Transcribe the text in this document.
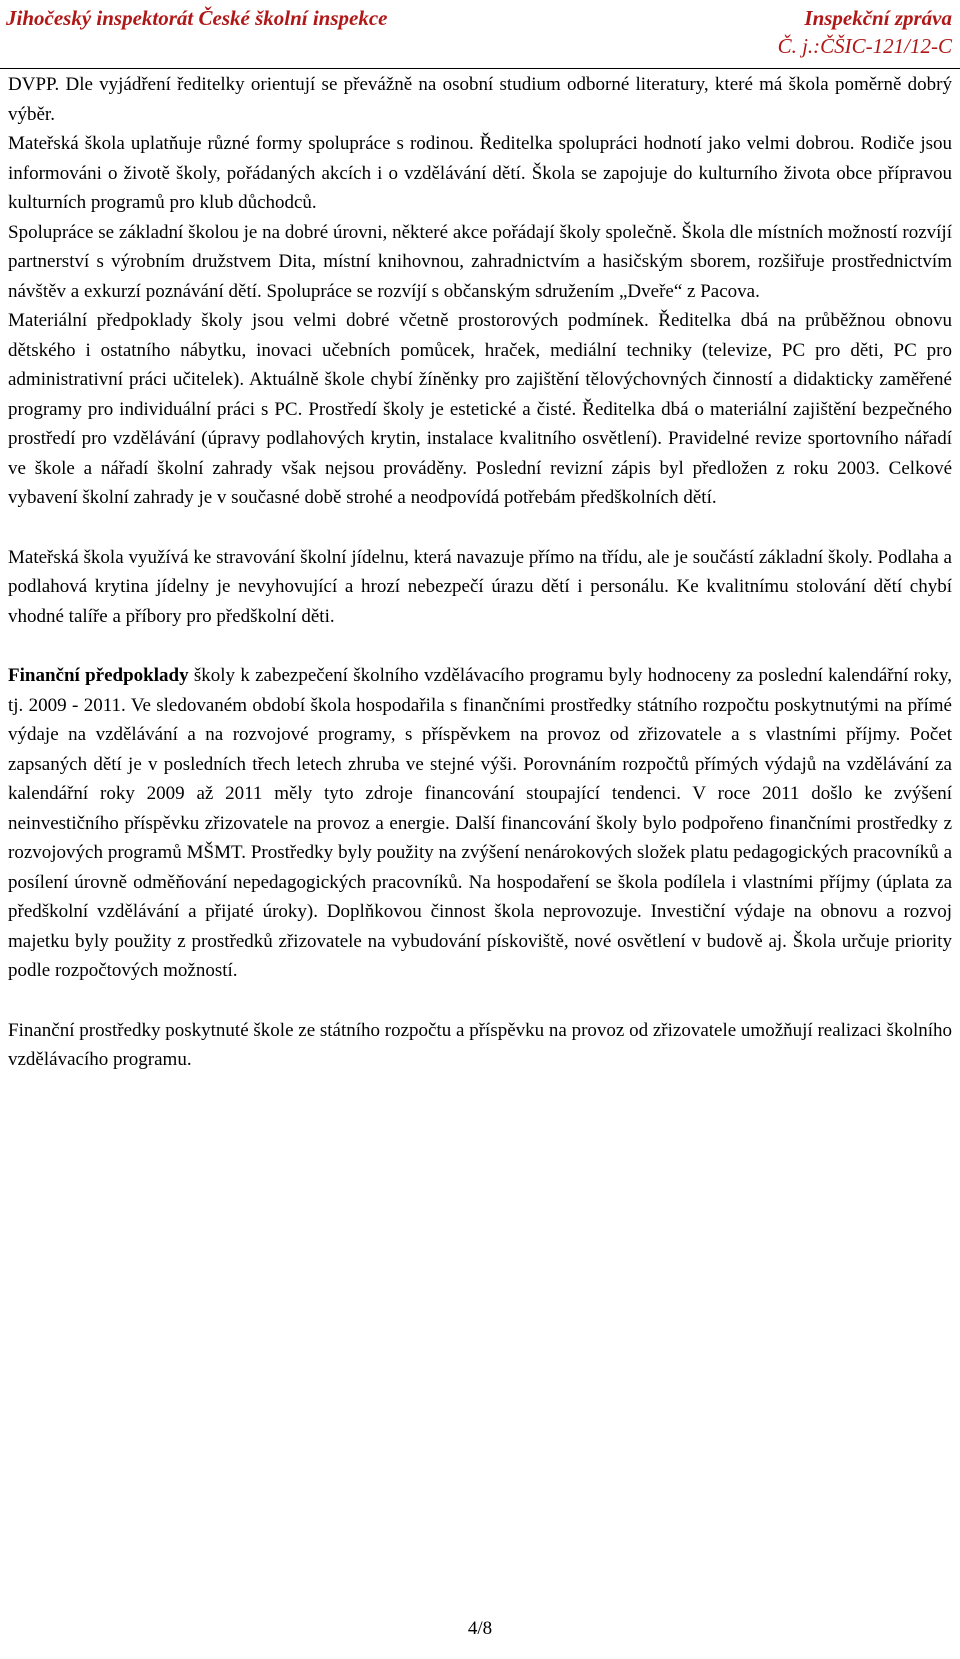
Jihočeský inspektorát České školní inspekce	Inspekční zpráva
Č. j.:ČŠIC-121/12-C

DVPP. Dle vyjádření ředitelky orientují se převážně na osobní studium odborné literatury, které má škola poměrně dobrý výběr.

Mateřská škola uplatňuje různé formy spolupráce s rodinou. Ředitelka spolupráci hodnotí jako velmi dobrou. Rodiče jsou informováni o životě školy, pořádaných akcích i o vzdělávání dětí. Škola se zapojuje do kulturního života obce přípravou kulturních programů pro klub důchodců.

Spolupráce se základní školou je na dobré úrovni, některé akce pořádají školy společně. Škola dle místních možností rozvíjí partnerství s výrobním družstvem Dita, místní knihovnou, zahradnictvím a hasičským sborem, rozšiřuje prostřednictvím návštěv a exkurzí poznávání dětí. Spolupráce se rozvíjí s občanským sdružením „Dveře“ z Pacova.

Materiální předpoklady školy jsou velmi dobré včetně prostorových podmínek. Ředitelka dbá na průběžnou obnovu dětského i ostatního nábytku, inovaci učebních pomůcek, hraček, mediální techniky (televize, PC pro děti, PC pro administrativní práci učitelek). Aktuálně škole chybí žíněnky pro zajištění tělovýchovných činností a didakticky zaměřené programy pro individuální práci s PC. Prostředí školy je estetické a čisté. Ředitelka dbá o materiální zajištění bezpečného prostředí pro vzdělávání (úpravy podlahových krytin, instalace kvalitního osvětlení). Pravidelné revize sportovního nářadí ve škole a nářadí školní zahrady však nejsou prováděny. Poslední revizní zápis byl předložen z roku 2003. Celkové vybavení školní zahrady je v současné době strohé a neodpovídá potřebám předškolních dětí.

Mateřská škola využívá ke stravování školní jídelnu, která navazuje přímo na třídu, ale je součástí základní školy. Podlaha a podlahová krytina jídelny je nevyhovující a hrozí nebezpečí úrazu dětí i personálu. Ke kvalitnímu stolování dětí chybí vhodné talíře a příbory pro předškolní děti.

Finanční předpoklady školy k zabezpečení školního vzdělávacího programu byly hodnoceny za poslední kalendářní roky, tj. 2009 - 2011. Ve sledovaném období škola hospodařila s finančními prostředky státního rozpočtu poskytnutými na přímé výdaje na vzdělávání a na rozvojové programy, s příspěvkem na provoz od zřizovatele a s vlastními příjmy. Počet zapsaných dětí je v posledních třech letech zhruba ve stejné výši. Porovnáním rozpočtů přímých výdajů na vzdělávání za kalendářní roky 2009 až 2011 měly tyto zdroje financování stoupající tendenci. V roce 2011 došlo ke zvýšení neinvestičního příspěvku zřizovatele na provoz a energie. Další financování školy bylo podpořeno finančními prostředky z rozvojových programů MŠMT. Prostředky byly použity na zvýšení nenárokových složek platu pedagogických pracovníků a posílení úrovně odměňování nepedagogických pracovníků. Na hospodaření se škola podílela i vlastními příjmy (úplata za předškolní vzdělávání a přijaté úroky). Doplňkovou činnost škola neprovozuje. Investiční výdaje na obnovu a rozvoj majetku byly použity z prostředků zřizovatele na vybudování pískoviště, nové osvětlení v budově aj. Škola určuje priority podle rozpočtových možností.

Finanční prostředky poskytnuté škole ze státního rozpočtu a příspěvku na provoz od zřizovatele umožňují realizaci školního vzdělávacího programu.

4/8
